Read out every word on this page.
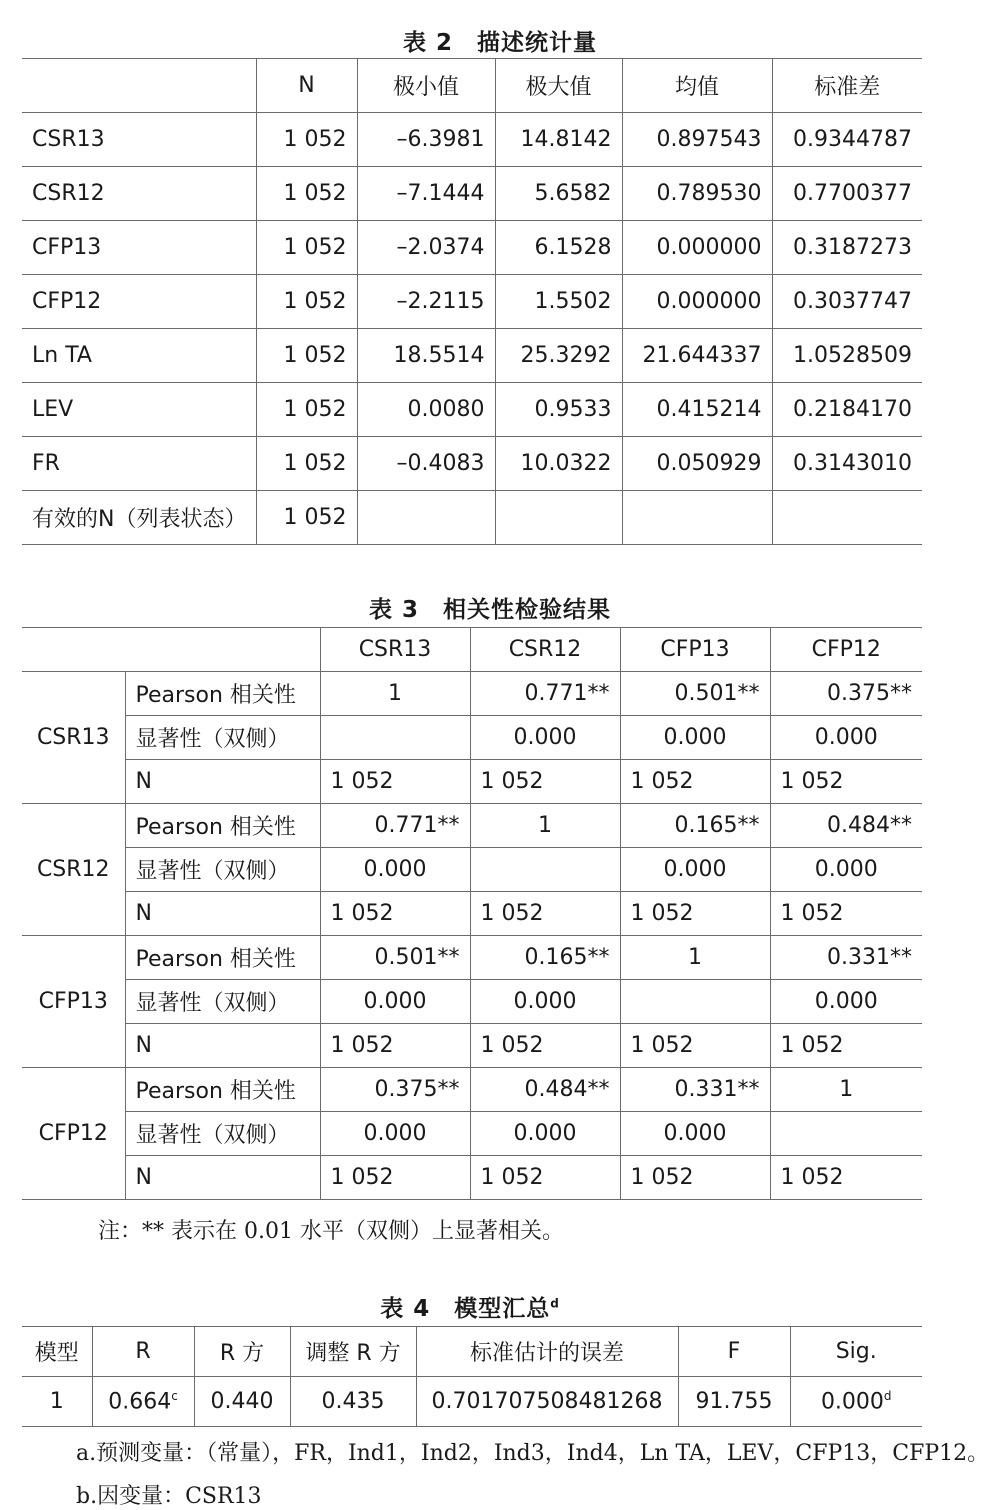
表 2　描述统计量
	N	极小值	极大值	均值	标准差
CSR13	1 052	–6.3981	14.8142	0.897543	0.9344787
CSR12	1 052	–7.1444	5.6582	0.789530	0.7700377
CFP13	1 052	–2.0374	6.1528	0.000000	0.3187273
CFP12	1 052	–2.2115	1.5502	0.000000	0.3037747
Ln TA	1 052	18.5514	25.3292	21.644337	1.0528509
LEV	1 052	0.0080	0.9533	0.415214	0.2184170
FR	1 052	–0.4083	10.0322	0.050929	0.3143010
有效的N（列表状态）	1 052				
表 3　相关性检验结果
		CSR13	CSR12	CFP13	CFP12
CSR13	Pearson 相关性	1	0.771**	0.501**	0.375**
	显著性（双侧）		0.000	0.000	0.000
	N	1 052	1 052	1 052	1 052
CSR12	Pearson 相关性	0.771**	1	0.165**	0.484**
	显著性（双侧）	0.000		0.000	0.000
	N	1 052	1 052	1 052	1 052
CFP13	Pearson 相关性	0.501**	0.165**	1	0.331**
	显著性（双侧）	0.000	0.000		0.000
	N	1 052	1 052	1 052	1 052
CFP12	Pearson 相关性	0.375**	0.484**	0.331**	1
	显著性（双侧）	0.000	0.000	0.000	
	N	1 052	1 052	1 052	1 052
注：** 表示在 0.01 水平（双侧）上显著相关。
表 4　模型汇总$^d$
模型	R	R 方	调整 R 方	标准估计的误差	F	Sig.
1	0.664$^c$	0.440	0.435	0.701707508481268	91.755	0.000$^d$
a.预测变量：（常量），FR，Ind1，Ind2，Ind3，Ind4，Ln TA，LEV，CFP13，CFP12。
b.因变量：CSR13
